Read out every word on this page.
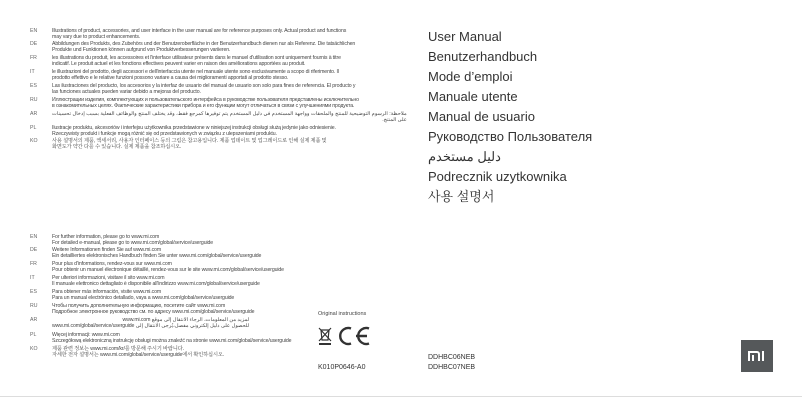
EN	Illustrations of product, accessories, and user interface in the user manual are for reference purposes only. Actual product and functions
may vary due to product enhancements.
DE	Abbildungen des Produkts, des Zubehörs und der Benutzeroberfläche in der Benutzerhandbuch dienen nur als Referenz. Die tatsächlichen
Produkte und Funktionen können aufgrund von Produktverbesserungen variieren.
FR	les illustrations du produit, les accessoires et l'interface utilisateur présents dans le manuel d'utilisation sont uniquement fournis à titre
indicatif. Le produit actuel et les fonctions effectives peuvent varier en raison des améliorations apportées au produit.
IT	le illustrazioni del prodotto, degli accessori e dell'interfaccia utente nel manuale utente sono esclusivamente a scopo di riferimento. Il
prodotto effettivo e le relative funzioni possono variare a causa dei miglioramenti apportati al prodotto stesso.
ES	Las ilustraciones del producto, los accesorios y la interfaz de usuario del manual de usuario son solo para fines de referencia. El producto y
las funciones actuales pueden variar debido a mejoras del producto.
RU	Иллюстрации изделия, комплектующих и пользовательского интерфейса в руководстве пользователя представлены исключительно
в ознакомительных целях. Фактические характеристики прибора и его функции могут отличаться в связи с улучшениями продукта.
AR	ملاحظة: الرسوم التوضيحية للمنتج والملحقات وواجهة المستخدم في دليل المستخدم يتم توفيرها كمرجع فقط، وقد يختلف المنتج والوظائف الفعلية بسبب إدخال تحسينات
على المنتج.
PL	Ilustracje produktu, akcesoriów i interfejsu użytkownika przedstawione w niniejszej instrukcji obsługi służą jedynie jako odniesienie.
Rzeczywisty produkt i funkcje mogą różnić się od przedstawionych w związku z ulepszeniami produktu.
KO	사용 설명서의 제품, 액세서리, 사용자 인터페이스 등의 그림은 참고용입니다. 제품 업데이트 및 업그레이드로 인해 실제 제품 및
화면도가 약간 다를 수 있습니다. 실제 제품을 참조하십시오.
EN	For further information, please go to www.mi.com
For detailed e-manual, please go to www.mi.com/global/service/userguide
DE	Weitere Informationen finden Sie auf www.mi.com
Ein detailliertes elektronisches Handbuch finden Sie unter www.mi.com/global/service/userguide
FR	Pour plus d'informations, rendez-vous sur www.mi.com
Pour obtenir un manuel électronique détaillé, rendez-vous sur le site www.mi.com/global/service/userguide
IT	Per ulteriori informazioni, visitare il sito www.mi.com
Il manuale elettronico dettagliato è disponibile all'indirizzo www.mi.com/global/service/userguide
ES	Para obtener más información, visite www.mi.com
Para un manual electrónico detallado, vaya a www.mi.com/global/service/userguide
RU	Чтобы получить дополнительную информацию, посетите сайт www.mi.com
Подробное электронное руководство см. по адресу www.mi.com/global/service/userguide
AR	لمزيد من المعلومات، الرجاء الانتقال إلى موقع www.mi.com
للحصول على دليل إلكتروني مفصل،يُرجى الانتقال إلى www.mi.com/global/service/userguide
PL	Więcej informacji: www.mi.com
Szczegółową elektroniczną instrukcję obsługi można znaleźć na stronie www.mi.com/global/service/userguide
KO	제품 관련 정보는 www.mi.com/kr/를 방문해 주시기 바랍니다.
자세한 전자 설명서는 www.mi.com/global/service/userguide에서 확인하십시오.
User Manual
Benutzerhandbuch
Mode d’emploi
Manuale utente
Manual de usuario
Руководство Пользователя
دليل مستخدم
Podrecznik uzytkownika
사용 설명서
Original instructions
K010P0646-A0
DDHBC06NEB
DDHBC07NEB
